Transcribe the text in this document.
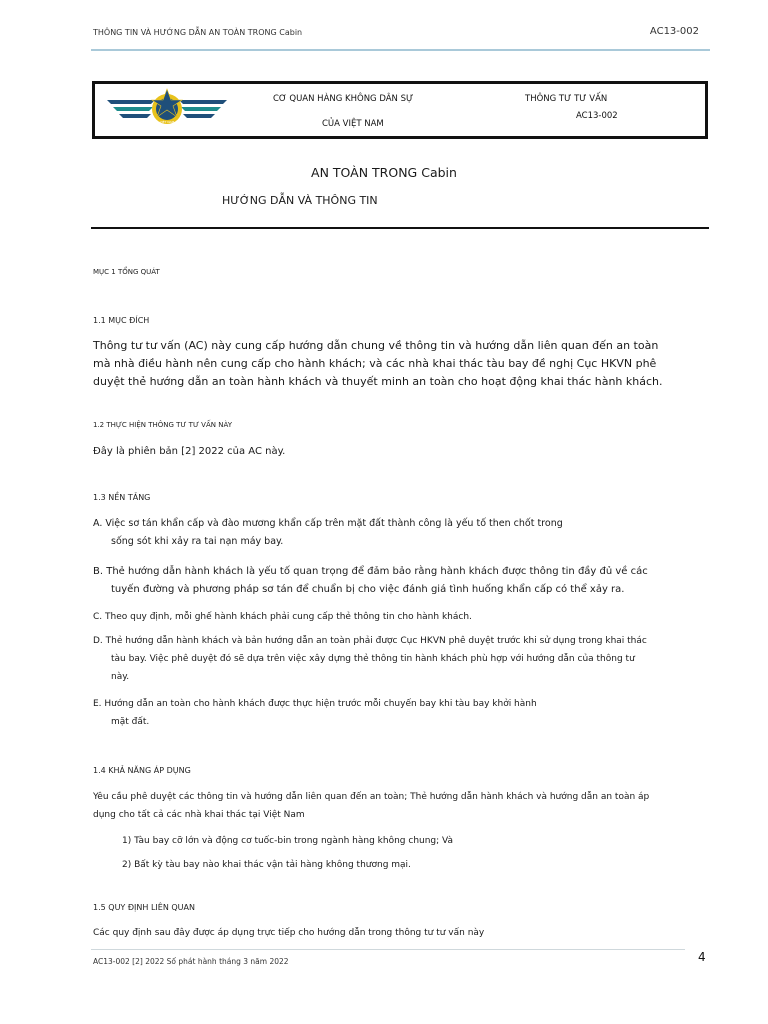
THÔNG TIN VÀ HƯỚNG DẪN AN TOÀN TRONG Cabin	AC13-002
VIỆT NAM
CƠ QUAN HÀNG KHÔNG DÂN SỰ
CỦA VIỆT NAM
THÔNG TƯ TƯ VẤN
AC13-002
AN TOÀN TRONG Cabin
HƯỚNG DẪN VÀ THÔNG TIN
MỤC 1 TỔNG QUÁT
1.1 MỤC ĐÍCH
Thông tư tư vấn (AC) này cung cấp hướng dẫn chung về thông tin và hướng dẫn liên quan đến an toàn
mà nhà điều hành nên cung cấp cho hành khách; và các nhà khai thác tàu bay đề nghị Cục HKVN phê
duyệt thẻ hướng dẫn an toàn hành khách và thuyết minh an toàn cho hoạt động khai thác hành khách.
1.2 THỰC HIỆN THÔNG TƯ TƯ VẤN NÀY
Đây là phiên bản [2] 2022 của AC này.
1.3 NỀN TẢNG
A. Việc sơ tán khẩn cấp và đào mương khẩn cấp trên mặt đất thành công là yếu tố then chốt trong
sống sót khi xảy ra tai nạn máy bay.
B. Thẻ hướng dẫn hành khách là yếu tố quan trọng để đảm bảo rằng hành khách được thông tin đầy đủ về các
tuyến đường và phương pháp sơ tán để chuẩn bị cho việc đánh giá tình huống khẩn cấp có thể xảy ra.
C. Theo quy định, mỗi ghế hành khách phải cung cấp thẻ thông tin cho hành khách.
D. Thẻ hướng dẫn hành khách và bản hướng dẫn an toàn phải được Cục HKVN phê duyệt trước khi sử dụng trong khai thác
tàu bay. Việc phê duyệt đó sẽ dựa trên việc xây dựng thẻ thông tin hành khách phù hợp với hướng dẫn của thông tư
này.
E. Hướng dẫn an toàn cho hành khách được thực hiện trước mỗi chuyến bay khi tàu bay khởi hành
mặt đất.
1.4 KHẢ NĂNG ÁP DỤNG
Yêu cầu phê duyệt các thông tin và hướng dẫn liên quan đến an toàn; Thẻ hướng dẫn hành khách và hướng dẫn an toàn áp
dụng cho tất cả các nhà khai thác tại Việt Nam
1) Tàu bay cỡ lớn và động cơ tuốc-bin trong ngành hàng không chung; Và
2) Bất kỳ tàu bay nào khai thác vận tải hàng không thương mại.
1.5 QUY ĐỊNH LIÊN QUAN
Các quy định sau đây được áp dụng trực tiếp cho hướng dẫn trong thông tư tư vấn này
AC13-002 [2] 2022 Số phát hành tháng 3 năm 2022	4
